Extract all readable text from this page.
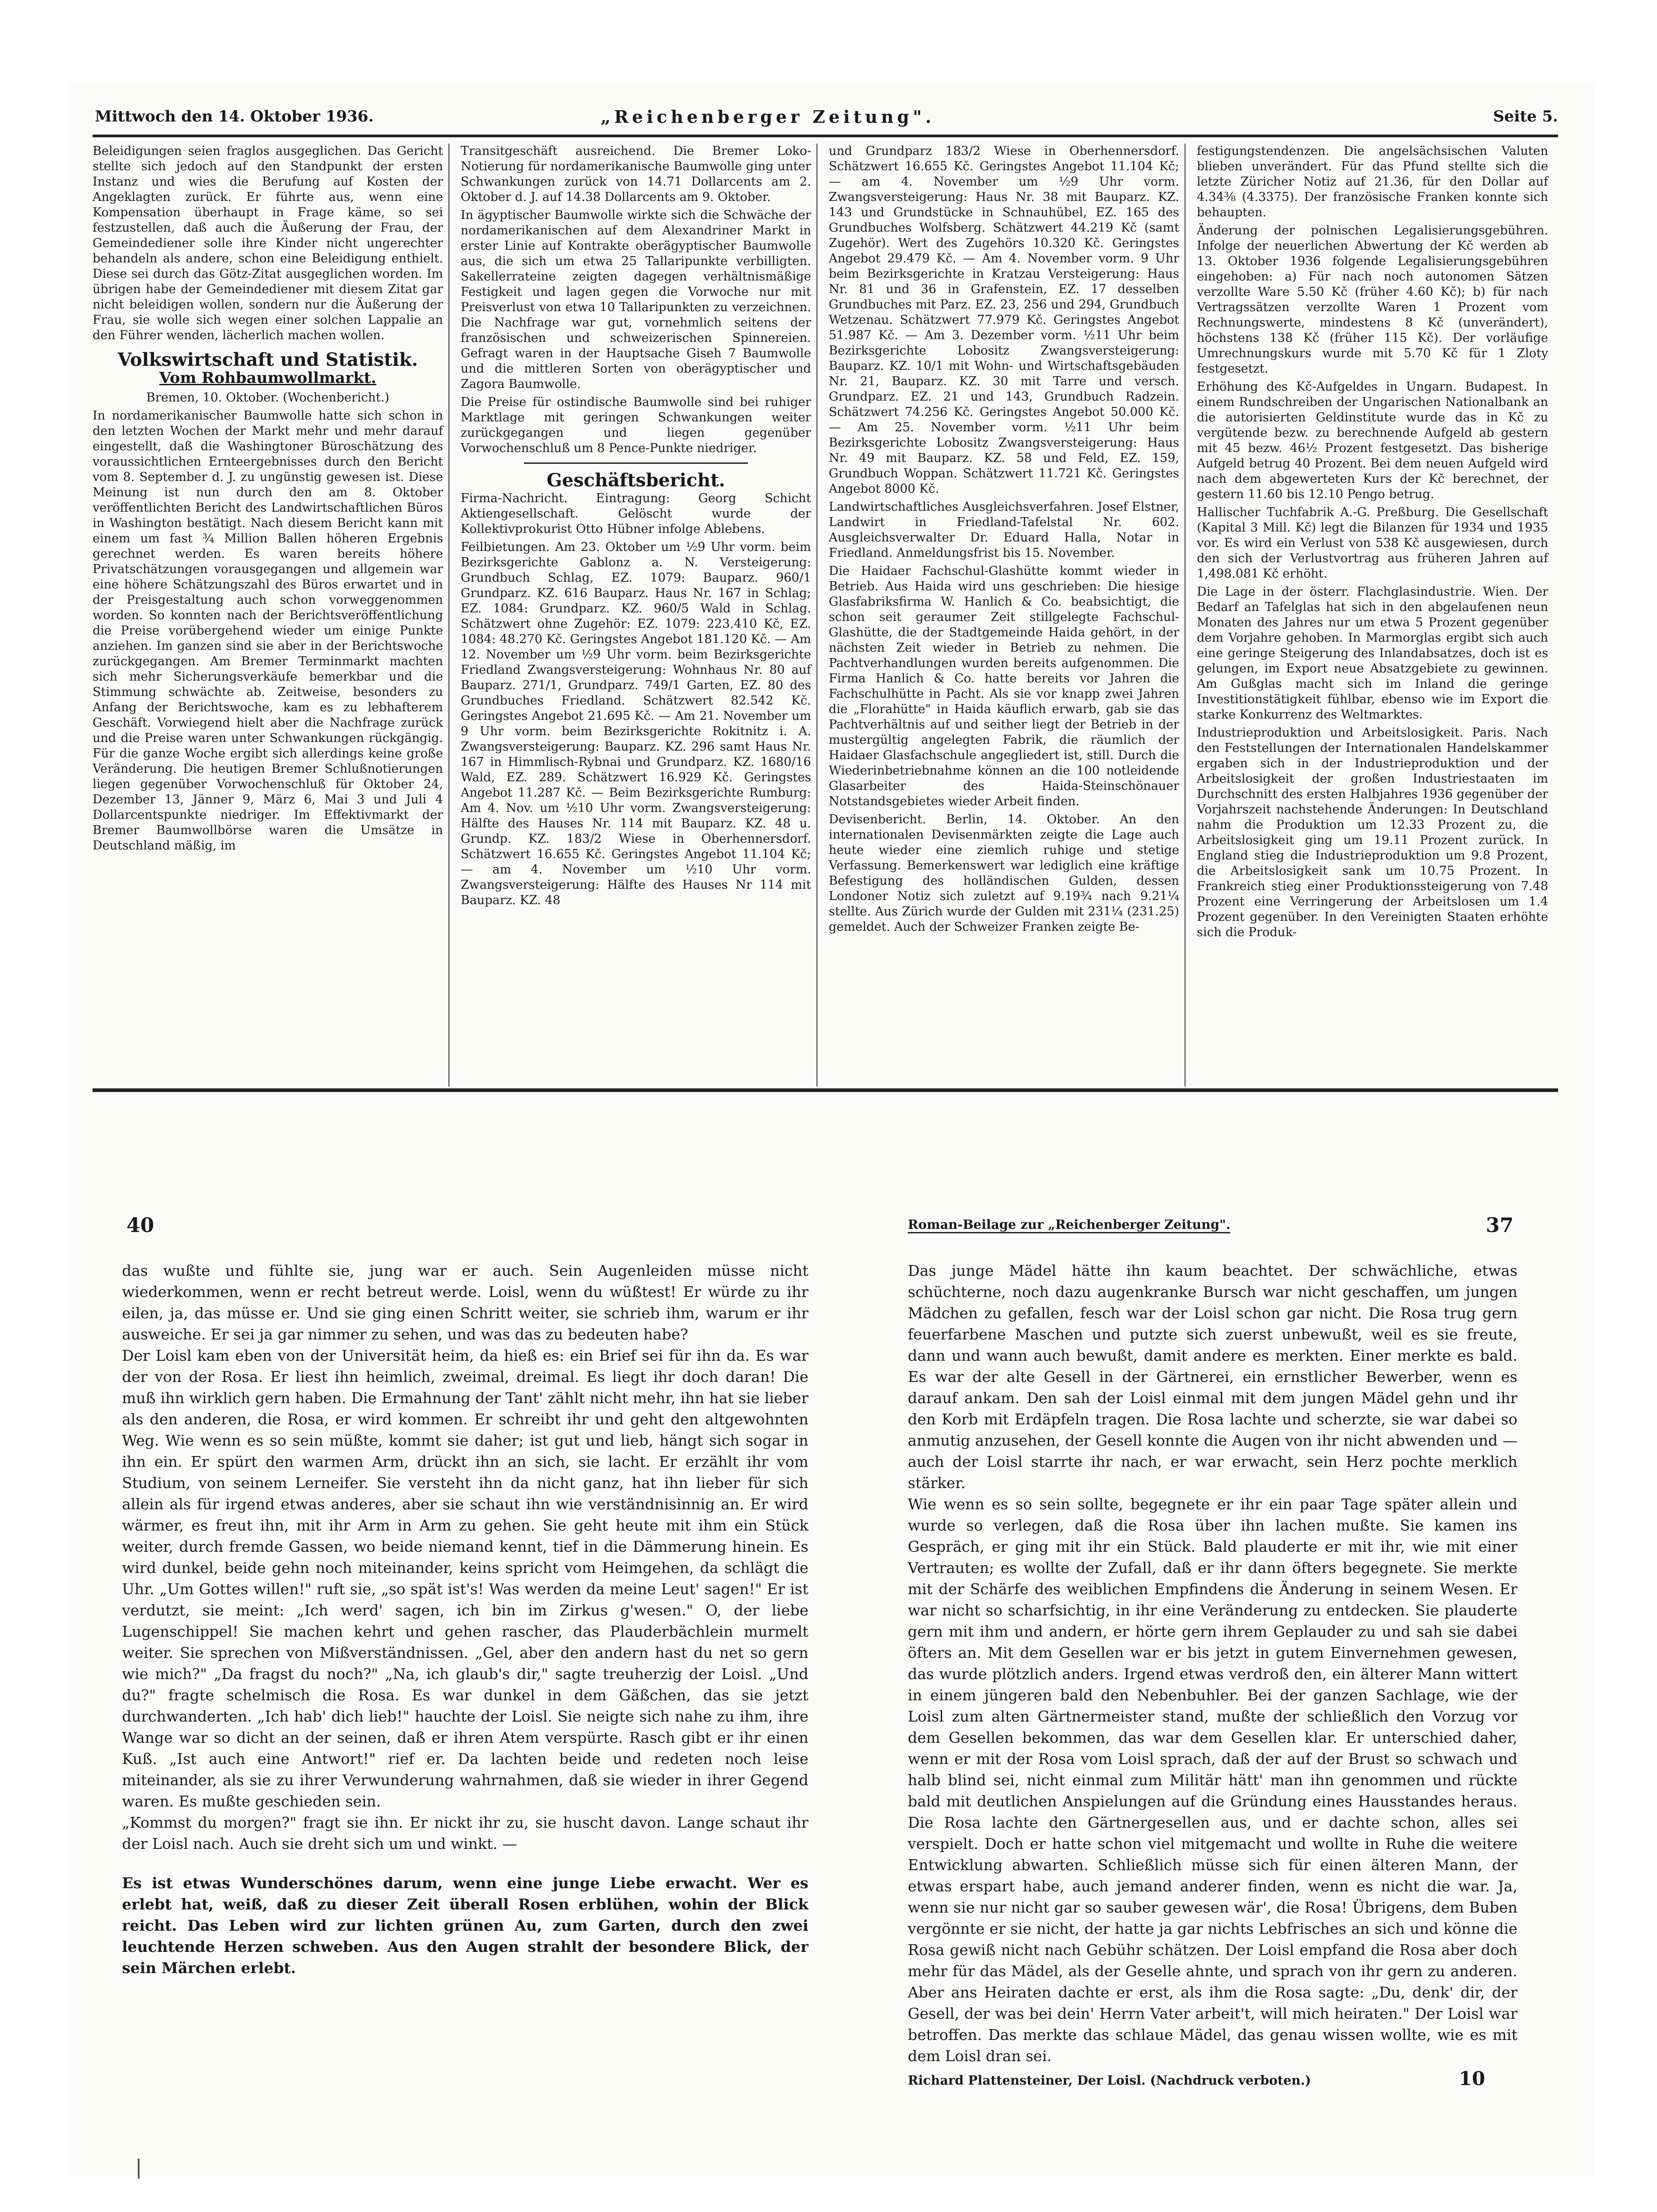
Mittwoch den 14. Oktober 1936.	„Reichenberger Zeitung".	Seite 5.

Beleidigungen seien fraglos ausgeglichen. Das Gericht stellte sich jedoch auf den Standpunkt der ersten Instanz und wies die Berufung auf Kosten der Angeklagten zurück. Er führte aus, wenn eine Kompensation überhaupt in Frage käme, so sei festzustellen, daß auch die Äußerung der Frau, der Gemeindediener solle ihre Kinder nicht ungerechter behandeln als andere, schon eine Beleidigung enthielt. Diese sei durch das Götz-Zitat ausgeglichen worden. Im übrigen habe der Gemeindediener mit diesem Zitat gar nicht beleidigen wollen, sondern nur die Äußerung der Frau, sie wolle sich wegen einer solchen Lappalie an den Führer wenden, lächerlich machen wollen.

Volkswirtschaft und Statistik.
Vom Rohbaumwollmarkt.

Bremen, 10. Oktober. (Wochenbericht.)

In nordamerikanischer Baumwolle hatte sich schon in den letzten Wochen der Markt mehr und mehr darauf eingestellt, daß die Washingtoner Büroschätzung des voraussichtlichen Ernteergebnisses durch den Bericht vom 8. September d. J. zu ungünstig gewesen ist. Diese Meinung ist nun durch den am 8. Oktober veröffentlichten Bericht des Landwirtschaftlichen Büros in Washington bestätigt. Nach diesem Bericht kann mit einem um fast ¾ Million Ballen höheren Ergebnis gerechnet werden. Es waren bereits höhere Privatschätzungen vorausgegangen und allgemein war eine höhere Schätzungszahl des Büros erwartet und in der Preisgestaltung auch schon vorweggenommen worden. So konnten nach der Berichtsveröffentlichung die Preise vorübergehend wieder um einige Punkte anziehen. Im ganzen sind sie aber in der Berichtswoche zurückgegangen. Am Bremer Terminmarkt machten sich mehr Sicherungsverkäufe bemerkbar und die Stimmung schwächte ab. Zeitweise, besonders zu Anfang der Berichtswoche, kam es zu lebhafterem Geschäft. Vorwiegend hielt aber die Nachfrage zurück und die Preise waren unter Schwankungen rückgängig. Für die ganze Woche ergibt sich allerdings keine große Veränderung. Die heutigen Bremer Schlußnotierungen liegen gegenüber Vorwochenschluß für Oktober 24, Dezember 13, Jänner 9, März 6, Mai 3 und Juli 4 Dollarcentspunkte niedriger. Im Effektivmarkt der Bremer Baumwollbörse waren die Umsätze in Deutschland mäßig, im

Transitgeschäft ausreichend. Die Bremer Loko-Notierung für nordamerikanische Baumwolle ging unter Schwankungen zurück von 14.71 Dollarcents am 2. Oktober d. J. auf 14.38 Dollarcents am 9. Oktober.

In ägyptischer Baumwolle wirkte sich die Schwäche der nordamerikanischen auf dem Alexandriner Markt in erster Linie auf Kontrakte oberägyptischer Baumwolle aus, die sich um etwa 25 Tallaripunkte verbilligten. Sakellerrateine zeigten dagegen verhältnismäßige Festigkeit und lagen gegen die Vorwoche nur mit Preisverlust von etwa 10 Tallaripunkten zu verzeichnen. Die Nachfrage war gut, vornehmlich seitens der französischen und schweizerischen Spinnereien. Gefragt waren in der Hauptsache Giseh 7 Baumwolle und die mittleren Sorten von oberägyptischer und Zagora Baumwolle.

Die Preise für ostindische Baumwolle sind bei ruhiger Marktlage mit geringen Schwankungen weiter zurückgegangen und liegen gegenüber Vorwochenschluß um 8 Pence-Punkte niedriger.

Geschäftsbericht.

Firma-Nachricht. Eintragung: Georg Schicht Aktiengesellschaft. Gelöscht wurde der Kollektivprokurist Otto Hübner infolge Ablebens.

Feilbietungen. Am 23. Oktober um ½9 Uhr vorm. beim Bezirksgerichte Gablonz a. N. Versteigerung: Grundbuch Schlag, EZ. 1079: Bauparz. 960/1 Grundparz. KZ. 616 Bauparz. Haus Nr. 167 in Schlag; EZ. 1084: Grundparz. KZ. 960/5 Wald in Schlag. Schätzwert ohne Zugehör: EZ. 1079: 223.410 Kč, EZ. 1084: 48.270 Kč. Geringstes Angebot 181.120 Kč. — Am 12. November um ½9 Uhr vorm. beim Bezirksgerichte Friedland Zwangsversteigerung: Wohnhaus Nr. 80 auf Bauparz. 271/1, Grundparz. 749/1 Garten, EZ. 80 des Grundbuches Friedland. Schätzwert 82.542 Kč. Geringstes Angebot 21.695 Kč. — Am 21. November um 9 Uhr vorm. beim Bezirksgerichte Rokitnitz i. A. Zwangsversteigerung: Bauparz. KZ. 296 samt Haus Nr. 167 in Himmlisch-Rybnai und Grundparz. KZ. 1680/16 Wald, EZ. 289. Schätzwert 16.929 Kč. Geringstes Angebot 11.287 Kč. — Beim Bezirksgerichte Rumburg: Am 4. Nov. um ½10 Uhr vorm. Zwangsversteigerung: Hälfte des Hauses Nr. 114 mit Bauparz. KZ. 48 u. Grundp. KZ. 183/2 Wiese in Oberhennersdorf. Schätzwert 16.655 Kč. Geringstes Angebot 11.104 Kč; — am 4. November um ½10 Uhr vorm. Zwangsversteigerung: Hälfte des Hauses Nr 114 mit Bauparz. KZ. 48

und Grundparz 183/2 Wiese in Oberhennersdorf. Schätzwert 16.655 Kč. Geringstes Angebot 11.104 Kč; — am 4. November um ½9 Uhr vorm. Zwangsversteigerung: Haus Nr. 38 mit Bauparz. KZ. 143 und Grundstücke in Schnauhübel, EZ. 165 des Grundbuches Wolfsberg. Schätzwert 44.219 Kč (samt Zugehör). Wert des Zugehörs 10.320 Kč. Geringstes Angebot 29.479 Kč. — Am 4. November vorm. 9 Uhr beim Bezirksgerichte in Kratzau Versteigerung: Haus Nr. 81 und 36 in Grafenstein, EZ. 17 desselben Grundbuches mit Parz. EZ. 23, 256 und 294, Grundbuch Wetzenau. Schätzwert 77.979 Kč. Geringstes Angebot 51.987 Kč. — Am 3. Dezember vorm. ½11 Uhr beim Bezirksgerichte Lobositz Zwangsversteigerung: Bauparz. KZ. 10/1 mit Wohn- und Wirtschaftsgebäuden Nr. 21, Bauparz. KZ. 30 mit Tarre und versch. Grundparz. EZ. 21 und 143, Grundbuch Radzein. Schätzwert 74.256 Kč. Geringstes Angebot 50.000 Kč. — Am 25. November vorm. ½11 Uhr beim Bezirksgerichte Lobositz Zwangsversteigerung: Haus Nr. 49 mit Bauparz. KZ. 58 und Feld, EZ. 159, Grundbuch Woppan. Schätzwert 11.721 Kč. Geringstes Angebot 8000 Kč.

Landwirtschaftliches Ausgleichsverfahren. Josef Elstner, Landwirt in Friedland-Tafelstal Nr. 602. Ausgleichsverwalter Dr. Eduard Halla, Notar in Friedland. Anmeldungsfrist bis 15. November.

Die Haidaer Fachschul-Glashütte kommt wieder in Betrieb. Aus Haida wird uns geschrieben: Die hiesige Glasfabriksfirma W. Hanlich & Co. beabsichtigt, die schon seit geraumer Zeit stillgelegte Fachschul-Glashütte, die der Stadtgemeinde Haida gehört, in der nächsten Zeit wieder in Betrieb zu nehmen. Die Pachtverhandlungen wurden bereits aufgenommen. Die Firma Hanlich & Co. hatte bereits vor Jahren die Fachschulhütte in Pacht. Als sie vor knapp zwei Jahren die „Florahütte" in Haida käuflich erwarb, gab sie das Pachtverhältnis auf und seither liegt der Betrieb in der mustergültig angelegten Fabrik, die räumlich der Haidaer Glasfachschule angegliedert ist, still. Durch die Wiederinbetriebnahme können an die 100 notleidende Glasarbeiter des Haida-Steinschönauer Notstandsgebietes wieder Arbeit finden.

Devisenbericht. Berlin, 14. Oktober. An den internationalen Devisenmärkten zeigte die Lage auch heute wieder eine ziemlich ruhige und stetige Verfassung. Bemerkenswert war lediglich eine kräftige Befestigung des holländischen Gulden, dessen Londoner Notiz sich zuletzt auf 9.19¾ nach 9.21¼ stellte. Aus Zürich wurde der Gulden mit 231¼ (231.25) gemeldet. Auch der Schweizer Franken zeigte Be-

festigungstendenzen. Die angelsächsischen Valuten blieben unverändert. Für das Pfund stellte sich die letzte Züricher Notiz auf 21.36, für den Dollar auf 4.34⅜ (4.3375). Der französische Franken konnte sich behaupten.

Änderung der polnischen Legalisierungsgebühren. Infolge der neuerlichen Abwertung der Kč werden ab 13. Oktober 1936 folgende Legalisierungsgebühren eingehoben: a) Für nach noch autonomen Sätzen verzollte Ware 5.50 Kč (früher 4.60 Kč); b) für nach Vertragssätzen verzollte Waren 1 Prozent vom Rechnungswerte, mindestens 8 Kč (unverändert), höchstens 138 Kč (früher 115 Kč). Der vorläufige Umrechnungskurs wurde mit 5.70 Kč für 1 Zloty festgesetzt.

Erhöhung des Kč-Aufgeldes in Ungarn. Budapest. In einem Rundschreiben der Ungarischen Nationalbank an die autorisierten Geldinstitute wurde das in Kč zu vergütende bezw. zu berechnende Aufgeld ab gestern mit 45 bezw. 46½ Prozent festgesetzt. Das bisherige Aufgeld betrug 40 Prozent. Bei dem neuen Aufgeld wird nach dem abgewerteten Kurs der Kč berechnet, der gestern 11.60 bis 12.10 Pengo betrug.

Hallischer Tuchfabrik A.-G. Preßburg. Die Gesellschaft (Kapital 3 Mill. Kč) legt die Bilanzen für 1934 und 1935 vor. Es wird ein Verlust von 538 Kč ausgewiesen, durch den sich der Verlustvortrag aus früheren Jahren auf 1,498.081 Kč erhöht.

Die Lage in der österr. Flachglasindustrie. Wien. Der Bedarf an Tafelglas hat sich in den abgelaufenen neun Monaten des Jahres nur um etwa 5 Prozent gegenüber dem Vorjahre gehoben. In Marmorglas ergibt sich auch eine geringe Steigerung des Inlandabsatzes, doch ist es gelungen, im Export neue Absatzgebiete zu gewinnen. Am Gußglas macht sich im Inland die geringe Investitionstätigkeit fühlbar, ebenso wie im Export die starke Konkurrenz des Weltmarktes.

Industrieproduktion und Arbeitslosigkeit. Paris. Nach den Feststellungen der Internationalen Handelskammer ergaben sich in der Industrieproduktion und der Arbeitslosigkeit der großen Industriestaaten im Durchschnitt des ersten Halbjahres 1936 gegenüber der Vorjahrszeit nachstehende Änderungen: In Deutschland nahm die Produktion um 12.33 Prozent zu, die Arbeitslosigkeit ging um 19.11 Prozent zurück. In England stieg die Industrieproduktion um 9.8 Prozent, die Arbeitslosigkeit sank um 10.75 Prozent. In Frankreich stieg einer Produktionssteigerung von 7.48 Prozent eine Verringerung der Arbeitslosen um 1.4 Prozent gegenüber. In den Vereinigten Staaten erhöhte sich die Produk-

40	Roman-Beilage zur „Reichenberger Zeitung".	37

das wußte und fühlte sie, jung war er auch. Sein Augenleiden müsse nicht wiederkommen, wenn er recht betreut werde. Loisl, wenn du wüßtest! Er würde zu ihr eilen, ja, das müsse er. Und sie ging einen Schritt weiter, sie schrieb ihm, warum er ihr ausweiche. Er sei ja gar nimmer zu sehen, und was das zu bedeuten habe?

Der Loisl kam eben von der Universität heim, da hieß es: ein Brief sei für ihn da. Es war der von der Rosa. Er liest ihn heimlich, zweimal, dreimal. Es liegt ihr doch daran! Die muß ihn wirklich gern haben. Die Ermahnung der Tant' zählt nicht mehr, ihn hat sie lieber als den anderen, die Rosa, er wird kommen. Er schreibt ihr und geht den altgewohnten Weg. Wie wenn es so sein müßte, kommt sie daher; ist gut und lieb, hängt sich sogar in ihn ein. Er spürt den warmen Arm, drückt ihn an sich, sie lacht. Er erzählt ihr vom Studium, von seinem Lerneifer. Sie versteht ihn da nicht ganz, hat ihn lieber für sich allein als für irgend etwas anderes, aber sie schaut ihn wie verständnisinnig an. Er wird wärmer, es freut ihn, mit ihr Arm in Arm zu gehen. Sie geht heute mit ihm ein Stück weiter, durch fremde Gassen, wo beide niemand kennt, tief in die Dämmerung hinein. Es wird dunkel, beide gehn noch miteinander, keins spricht vom Heimgehen, da schlägt die Uhr. „Um Gottes willen!" ruft sie, „so spät ist's! Was werden da meine Leut' sagen!" Er ist verdutzt, sie meint: „Ich werd' sagen, ich bin im Zirkus g'wesen." O, der liebe Lugenschippel! Sie machen kehrt und gehen rascher, das Plauderbächlein murmelt weiter. Sie sprechen von Mißverständnissen. „Gel, aber den andern hast du net so gern wie mich?" „Da fragst du noch?" „Na, ich glaub's dir," sagte treuherzig der Loisl. „Und du?" fragte schelmisch die Rosa. Es war dunkel in dem Gäßchen, das sie jetzt durchwanderten. „Ich hab' dich lieb!" hauchte der Loisl. Sie neigte sich nahe zu ihm, ihre Wange war so dicht an der seinen, daß er ihren Atem verspürte. Rasch gibt er ihr einen Kuß. „Ist auch eine Antwort!" rief er. Da lachten beide und redeten noch leise miteinander, als sie zu ihrer Verwunderung wahrnahmen, daß sie wieder in ihrer Gegend waren. Es mußte geschieden sein.

„Kommst du morgen?" fragt sie ihn. Er nickt ihr zu, sie huscht davon. Lange schaut ihr der Loisl nach. Auch sie dreht sich um und winkt. —

Es ist etwas Wunderschönes darum, wenn eine junge Liebe erwacht. Wer es erlebt hat, weiß, daß zu dieser Zeit überall Rosen erblühen, wohin der Blick reicht. Das Leben wird zur lichten grünen Au, zum Garten, durch den zwei leuchtende Herzen schweben. Aus den Augen strahlt der besondere Blick, der sein Märchen erlebt.

Das junge Mädel hätte ihn kaum beachtet. Der schwächliche, etwas schüchterne, noch dazu augenkranke Bursch war nicht geschaffen, um jungen Mädchen zu gefallen, fesch war der Loisl schon gar nicht. Die Rosa trug gern feuerfarbene Maschen und putzte sich zuerst unbewußt, weil es sie freute, dann und wann auch bewußt, damit andere es merkten. Einer merkte es bald. Es war der alte Gesell in der Gärtnerei, ein ernstlicher Bewerber, wenn es darauf ankam. Den sah der Loisl einmal mit dem jungen Mädel gehn und ihr den Korb mit Erdäpfeln tragen. Die Rosa lachte und scherzte, sie war dabei so anmutig anzusehen, der Gesell konnte die Augen von ihr nicht abwenden und — auch der Loisl starrte ihr nach, er war erwacht, sein Herz pochte merklich stärker.

Wie wenn es so sein sollte, begegnete er ihr ein paar Tage später allein und wurde so verlegen, daß die Rosa über ihn lachen mußte. Sie kamen ins Gespräch, er ging mit ihr ein Stück. Bald plauderte er mit ihr, wie mit einer Vertrauten; es wollte der Zufall, daß er ihr dann öfters begegnete. Sie merkte mit der Schärfe des weiblichen Empfindens die Änderung in seinem Wesen. Er war nicht so scharfsichtig, in ihr eine Veränderung zu entdecken. Sie plauderte gern mit ihm und andern, er hörte gern ihrem Geplauder zu und sah sie dabei öfters an. Mit dem Gesellen war er bis jetzt in gutem Einvernehmen gewesen, das wurde plötzlich anders. Irgend etwas verdroß den, ein älterer Mann wittert in einem jüngeren bald den Nebenbuhler. Bei der ganzen Sachlage, wie der Loisl zum alten Gärtnermeister stand, mußte der schließlich den Vorzug vor dem Gesellen bekommen, das war dem Gesellen klar. Er unterschied daher, wenn er mit der Rosa vom Loisl sprach, daß der auf der Brust so schwach und halb blind sei, nicht einmal zum Militär hätt' man ihn genommen und rückte bald mit deutlichen Anspielungen auf die Gründung eines Hausstandes heraus. Die Rosa lachte den Gärtnergesellen aus, und er dachte schon, alles sei verspielt. Doch er hatte schon viel mitgemacht und wollte in Ruhe die weitere Entwicklung abwarten. Schließlich müsse sich für einen älteren Mann, der etwas erspart habe, auch jemand anderer finden, wenn es nicht die war. Ja, wenn sie nur nicht gar so sauber gewesen wär', die Rosa! Übrigens, dem Buben vergönnte er sie nicht, der hatte ja gar nichts Lebfrisches an sich und könne die Rosa gewiß nicht nach Gebühr schätzen. Der Loisl empfand die Rosa aber doch mehr für das Mädel, als der Geselle ahnte, und sprach von ihr gern zu anderen. Aber ans Heiraten dachte er erst, als ihm die Rosa sagte: „Du, denk' dir, der Gesell, der was bei dein' Herrn Vater arbeit't, will mich heiraten." Der Loisl war betroffen. Das merkte das schlaue Mädel, das genau wissen wollte, wie es mit dem Loisl dran sei.

Richard Plattensteiner, Der Loisl. (Nachdruck verboten.)	10
